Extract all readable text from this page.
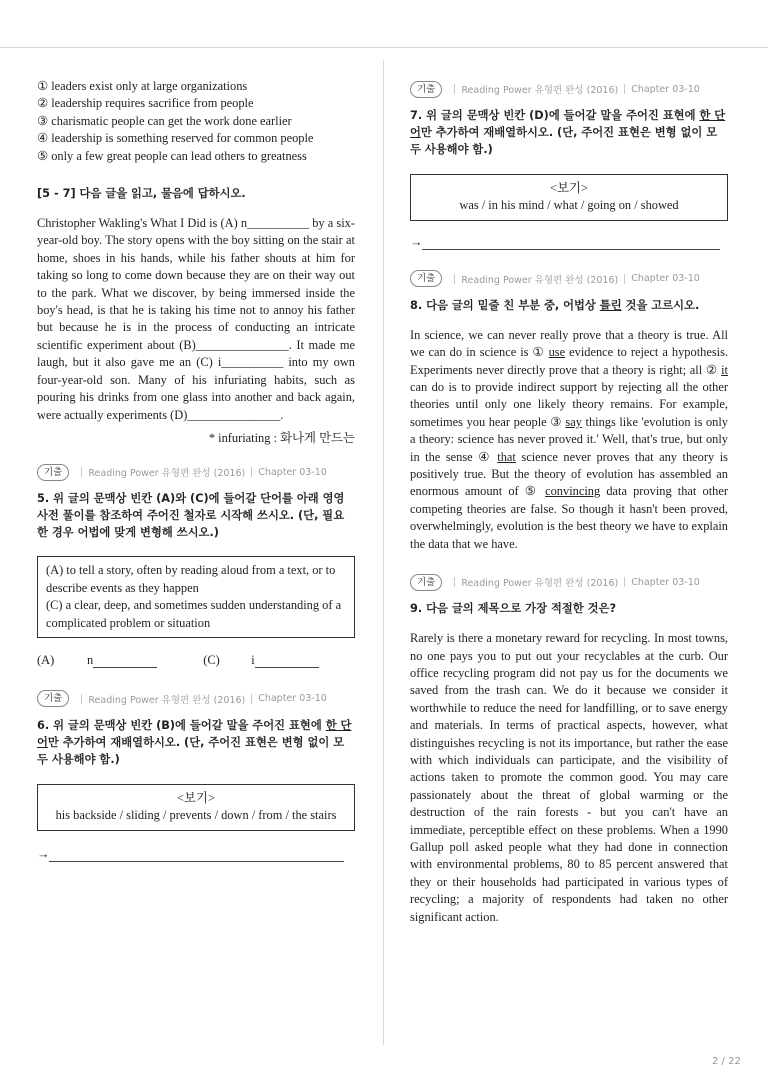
① leaders exist only at large organizations
② leadership requires sacrifice from people
③ charismatic people can get the work done earlier
④ leadership is something reserved for common people
⑤ only a few great people can lead others to greatness
[5 - 7] 다음 글을 읽고, 물음에 답하시오.

Christopher Wakling's What I Did is (A) n__________ by a six-year-old boy. The story opens with the boy sitting on the stair at home, shoes in his hands, while his father shouts at him for taking so long to come down because they are on their way out to the park. What we discover, by being immersed inside the boy's head, is that he is taking his time not to annoy his father but because he is in the process of conducting an intricate scientific experiment about (B)_______________. It made me laugh, but it also gave me an (C) i__________ into my own four-year-old son. Many of his infuriating habits, such as pouring his drinks from one glass into another and back again, were actually experiments (D)_______________.

* infuriating : 화나게 만드는
기출	Reading Power 유형편 완성 (2016) Chapter 03-10
5. 위 글의 문맥상 빈칸 (A)와 (C)에 들어갈 단어를 아래 영영사전 풀이를 참조하여 주어진 철자로 시작해 쓰시오. (단, 필요한 경우 어법에 맞게 변형해 쓰시오.)
(A) to tell a story, often by reading aloud from a text, or to describe events as they happen
(C) a clear, deep, and sometimes sudden understanding of a complicated problem or situation
(A)	n	(C)	i
기출	Reading Power 유형편 완성 (2016) Chapter 03-10
6. 위 글의 문맥상 빈칸 (B)에 들어갈 말을 주어진 표현에 한 단어만 추가하여 재배열하시오. (단, 주어진 표현은 변형 없이 모두 사용해야 함.)
<보기>
his backside / sliding / prevents / down / from / the stairs
→
기출	Reading Power 유형편 완성 (2016) Chapter 03-10
7. 위 글의 문맥상 빈칸 (D)에 들어갈 말을 주어진 표현에 한 단어만 추가하여 재배열하시오. (단, 주어진 표현은 변형 없이 모두 사용해야 함.)
<보기>
was / in his mind / what / going on / showed
→
기출	Reading Power 유형편 완성 (2016) Chapter 03-10
8. 다음 글의 밑줄 친 부분 중, 어법상 틀린 것을 고르시오.

In science, we can never really prove that a theory is true. All we can do in science is ① use evidence to reject a hypothesis. Experiments never directly prove that a theory is right; all ② it can do is to provide indirect support by rejecting all the other theories until only one likely theory remains. For example, sometimes you hear people ③ say things like 'evolution is only a theory: science has never proved it.' Well, that's true, but only in the sense ④ that science never proves that any theory is positively true. But the theory of evolution has assembled an enormous amount of ⑤ convincing data proving that other competing theories are false. So though it hasn't been proved, overwhelmingly, evolution is the best theory we have to explain the data that we have.

기출	Reading Power 유형편 완성 (2016) Chapter 03-10
9. 다음 글의 제목으로 가장 적절한 것은?

Rarely is there a monetary reward for recycling. In most towns, no one pays you to put out your recyclables at the curb. Our office recycling program did not pay us for the documents we saved from the trash can. We do it because we consider it worthwhile to reduce the need for landfilling, or to save energy and materials. In terms of practical aspects, however, what distinguishes recycling is not its importance, but rather the ease with which individuals can participate, and the visibility of actions taken to promote the common good. You may care passionately about the threat of global warming or the destruction of the rain forests - but you can't have an immediate, perceptible effect on these problems. When a 1990 Gallup poll asked people what they had done in connection with environmental problems, 80 to 85 percent answered that they or their households had participated in various types of recycling; a majority of respondents had taken no other significant action.

2 / 22
